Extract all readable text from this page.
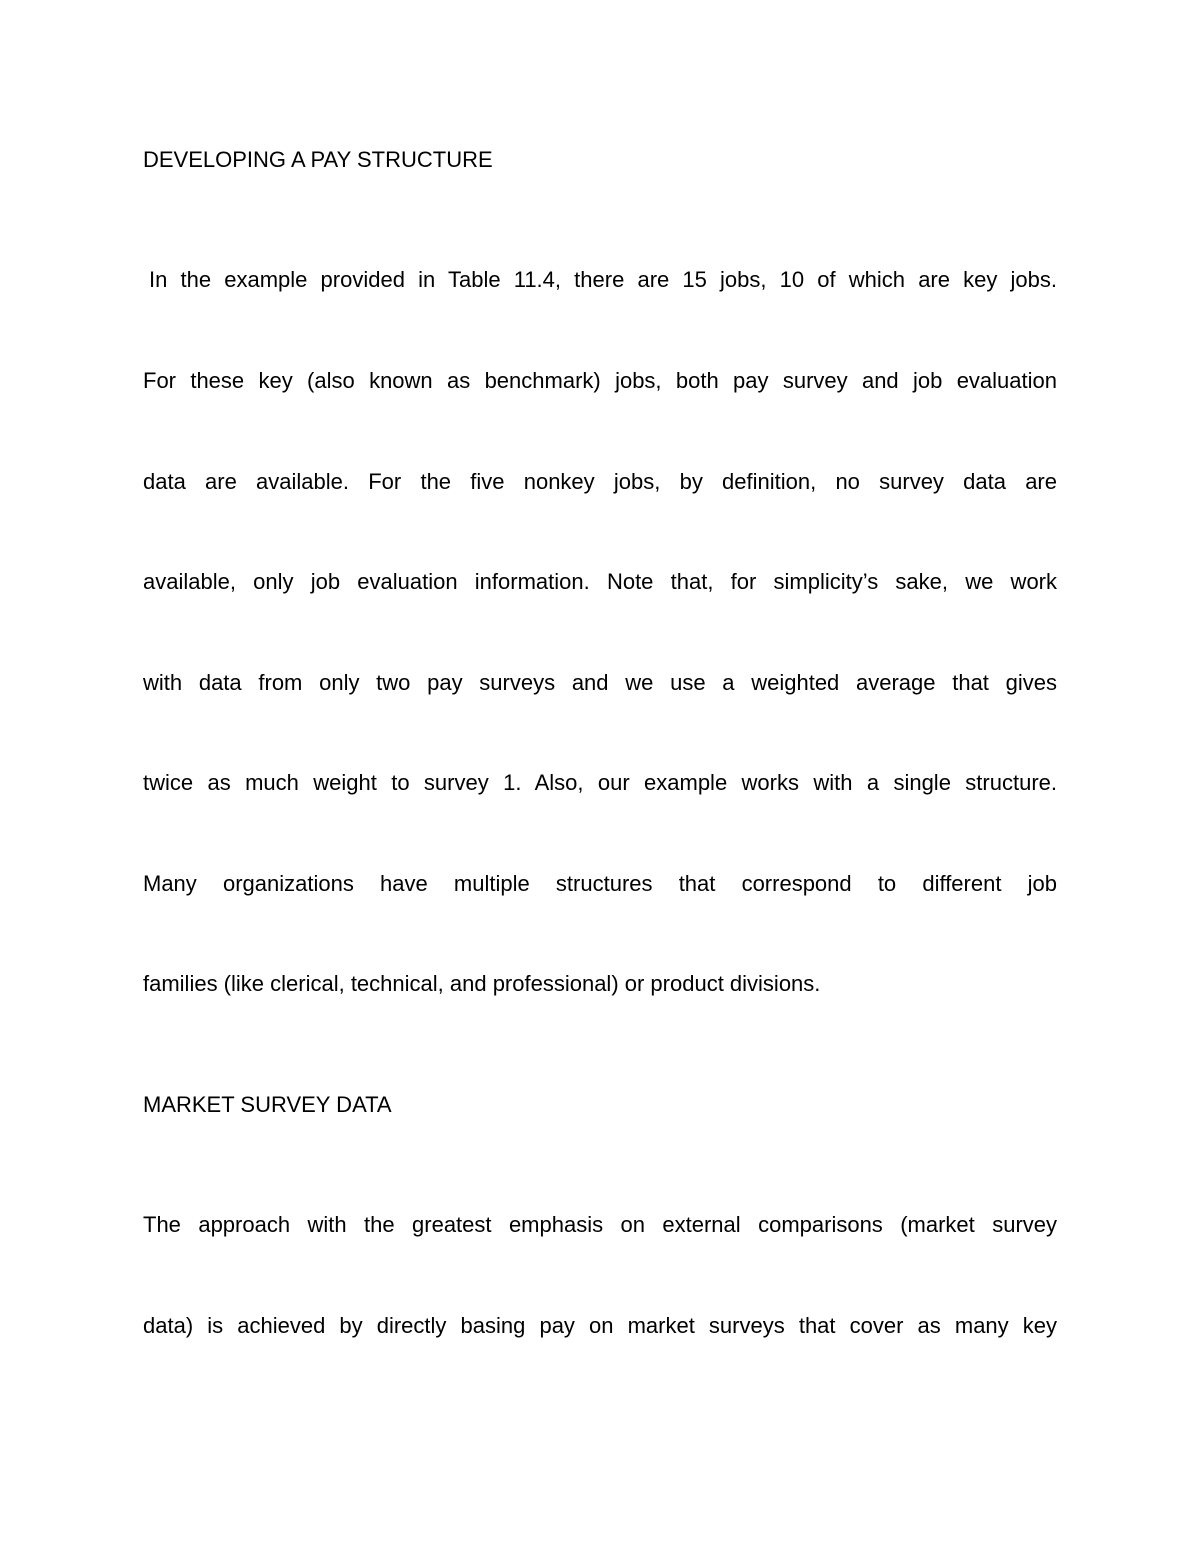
DEVELOPING A PAY STRUCTURE
In the example provided in Table 11.4, there are 15 jobs, 10 of which are key jobs.
For these key (also known as benchmark) jobs, both pay survey and job evaluation
data are available. For the five nonkey jobs, by definition, no survey data are
available, only job evaluation information. Note that, for simplicity’s sake, we work
with data from only two pay surveys and we use a weighted average that gives
twice as much weight to survey 1. Also, our example works with a single structure.
Many organizations have multiple structures that correspond to different job
families (like clerical, technical, and professional) or product divisions.
MARKET SURVEY DATA
The approach with the greatest emphasis on external comparisons (market survey
data) is achieved by directly basing pay on market surveys that cover as many key
